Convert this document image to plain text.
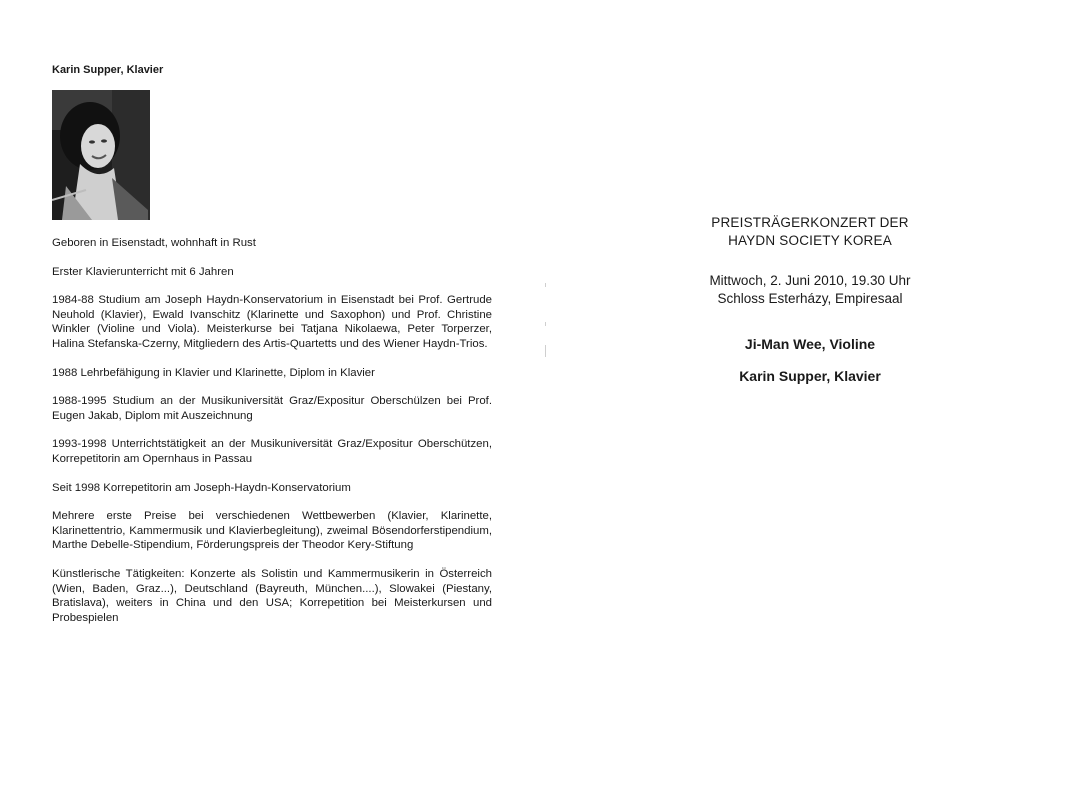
Karin Supper, Klavier

Geboren in Eisenstadt, wohnhaft in Rust

Erster Klavierunterricht mit 6 Jahren

1984-88 Studium am Joseph Haydn-Konservatorium in Eisenstadt bei Prof. Gertrude Neuhold (Klavier), Ewald Ivanschitz (Klarinette und Saxophon) und Prof. Christine Winkler (Violine und Viola). Meisterkurse bei Tatjana Nikolaewa, Peter Torperzer, Halina Stefanska-Czerny, Mitgliedern des Artis-Quartetts und des Wiener Haydn-Trios.

1988 Lehrbefähigung in Klavier und Klarinette, Diplom in Klavier

1988-1995 Studium an der Musikuniversität Graz/Expositur Oberschülzen bei Prof. Eugen Jakab, Diplom mit Auszeichnung

1993-1998 Unterrichtstätigkeit an der Musikuniversität Graz/Expositur Oberschützen, Korrepetitorin am Opernhaus in Passau

Seit 1998 Korrepetitorin am Joseph-Haydn-Konservatorium

Mehrere erste Preise bei verschiedenen Wettbewerben (Klavier, Klarinette, Klarinettentrio, Kammermusik und Klavierbegleitung), zweimal Bösendorferstipendium, Marthe Debelle-Stipendium, Förderungspreis der Theodor Kery-Stiftung

Künstlerische Tätigkeiten: Konzerte als Solistin und Kammermusikerin in Österreich (Wien, Baden, Graz...), Deutschland (Bayreuth, München....), Slowakei (Piestany, Bratislava), weiters in China und den USA; Korrepetition bei Meisterkursen und Probespielen

PREISTRÄGERKONZERT DER
HAYDN SOCIETY KOREA
Mittwoch, 2. Juni 2010, 19.30 Uhr
Schloss Esterházy, Empiresaal
Ji-Man Wee, Violine
Karin Supper, Klavier
